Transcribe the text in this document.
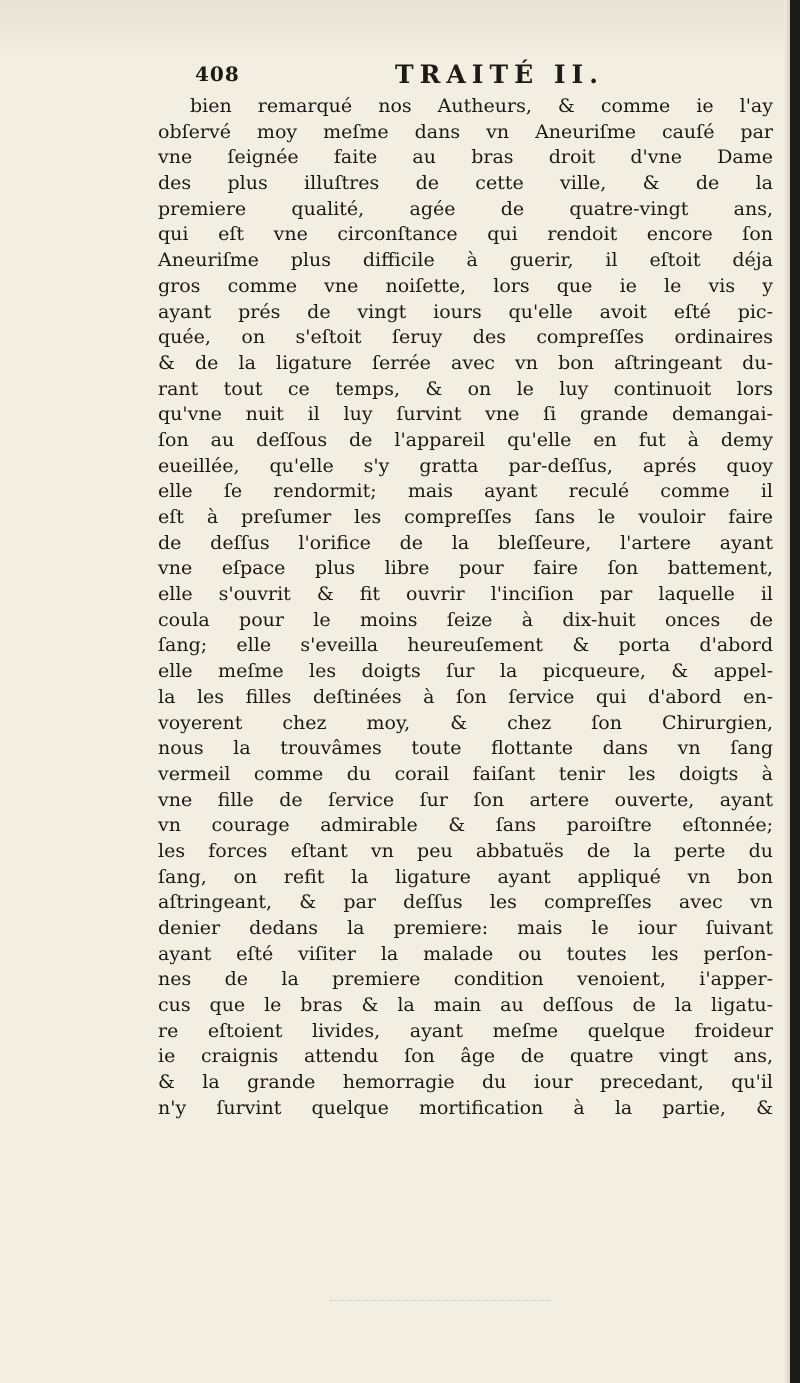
408	TRAITÉ II.
bien remarqué nos Autheurs, & comme ie l'ay
obſervé moy meſme dans vn Aneuriſme cauſé par
vne ſeignée faite au bras droit d'vne Dame
des plus illuſtres de cette ville, & de la
premiere qualité, agée de quatre-vingt ans,
qui eſt vne circonſtance qui rendoit encore ſon
Aneuriſme plus difficile à guerir, il eſtoit déja
gros comme vne noiſette, lors que ie le vis y
ayant prés de vingt iours qu'elle avoit eſté pic-
quée, on s'eſtoit ſeruy des compreſſes ordinaires
& de la ligature ſerrée avec vn bon aſtringeant du-
rant tout ce temps, & on le luy continuoit lors
qu'vne nuit il luy ſurvint vne ſi grande demangai-
ſon au deſſous de l'appareil qu'elle en fut à demy
eueillée, qu'elle s'y gratta par-deſſus, aprés quoy
elle ſe rendormit; mais ayant reculé comme il
eſt à preſumer les compreſſes ſans le vouloir faire
de deſſus l'orifice de la bleſſeure, l'artere ayant
vne eſpace plus libre pour faire ſon battement,
elle s'ouvrit & fit ouvrir l'inciſion par laquelle il
coula pour le moins ſeize à dix-huit onces de
ſang; elle s'eveilla heureuſement & porta d'abord
elle meſme les doigts ſur la picqueure, & appel-
la les filles deſtinées à ſon ſervice qui d'abord en-
voyerent chez moy, & chez ſon Chirurgien,
nous la trouvâmes toute flottante dans vn ſang
vermeil comme du corail faiſant tenir les doigts à
vne fille de ſervice ſur ſon artere ouverte, ayant
vn courage admirable & ſans paroiſtre eſtonnée;
les forces eſtant vn peu abbatuës de la perte du
ſang, on refit la ligature ayant appliqué vn bon
aſtringeant, & par deſſus les compreſſes avec vn
denier dedans la premiere: mais le iour ſuivant
ayant eſté viſiter la malade ou toutes les perſon-
nes de la premiere condition venoient, i'apper-
cus que le bras & la main au deſſous de la ligatu-
re eſtoient livides, ayant meſme quelque froideur
ie craignis attendu ſon âge de quatre vingt ans,
& la grande hemorragie du iour precedant, qu'il
n'y ſurvint quelque mortification à la partie, &
